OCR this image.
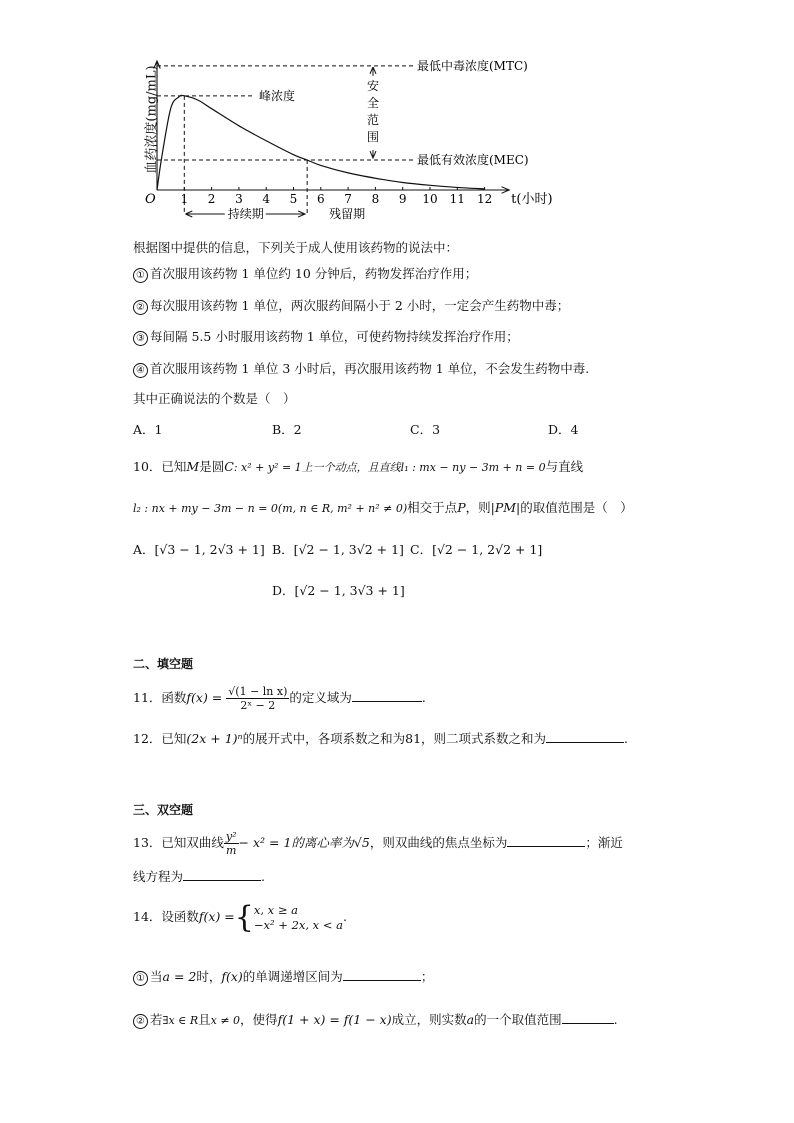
O 1 2 3 4 5 6 7 8 9 10 11 12 t(小时)
最低中毒浓度(MTC)
最低有效浓度(MEC)
峰浓度
安
全
范
围
持续期	残留期
血药浓度(mg/mL)
根据图中提供的信息，下列关于成人使用该药物的说法中：
① 首次服用该药物 1 单位约 10 分钟后，药物发挥治疗作用；
② 每次服用该药物 1 单位，两次服药间隔小于 2 小时，一定会产生药物中毒；
③ 每间隔 5.5 小时服用该药物 1 单位，可使药物持续发挥治疗作用；
④ 首次服用该药物 1 单位 3 小时后，再次服用该药物 1 单位，不会发生药物中毒.
其中正确说法的个数是（　）
A．1	B．2	C．3	D．4
10．已知M是圆C: x² + y² = 1上一个动点，且直线l₁ : mx − ny − 3m + n = 0与直线
l₂ : nx + my − 3m − n = 0(m, n ∈ R, m² + n² ≠ 0)相交于点P，则|PM|的取值范围是（　）
A．[√3 − 1, 2√3 + 1] B．[√2 − 1, 3√2 + 1] C．[√2 − 1, 2√2 + 1]
D．[√2 − 1, 3√3 + 1]
二、填空题
11．函数$f(x) = \frac{\text{√(1 − ln x)}}{\text{2ˣ − 2}}$ 的定义域为	.
12．已知(2x + 1)ⁿ的展开式中，各项系数之和为81，则二项式系数之和为	.
三、双空题
13．已知双曲线 $\frac{\text{y²}}{m} - x^2 = 1$的离心率为√5，则双曲线的焦点坐标为	；渐近
线方程为	.
14．设函数f(x) ={ x, x ≥ a
−x² + 2x, x < a
.
① 当a = 2时，f(x)的单调递增区间为	；
② 若∃x ∈ R且x ≠ 0，使得f(1 + x) = f(1 − x)成立，则实数a的一个取值范围	.
